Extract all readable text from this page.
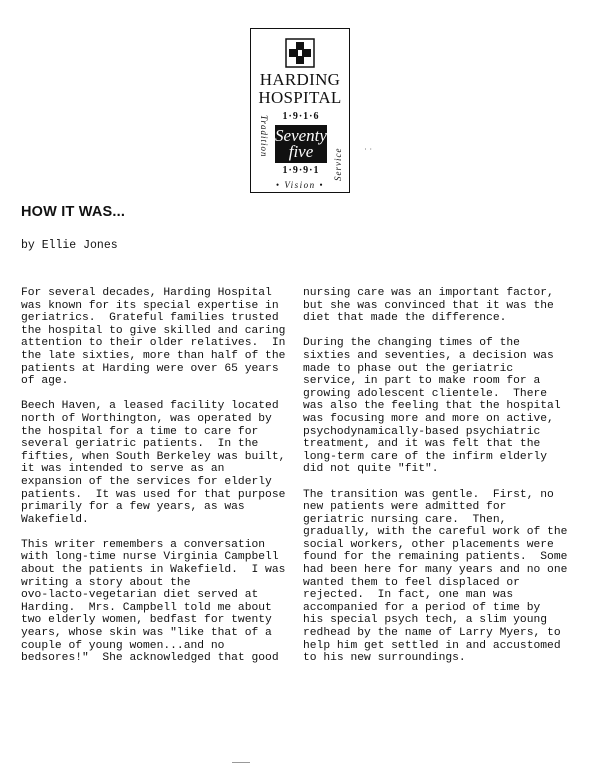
HARDING
HOSPITAL
1·9·1·6
Seventy five
1·9·9·1
Tradition
Service
• Vision •
˙ ˙
HOW IT WAS...

by Ellie Jones

For several decades, Harding Hospital
was known for its special expertise in
geriatrics.  Grateful families trusted
the hospital to give skilled and caring
attention to their older relatives.  In
the late sixties, more than half of the
patients at Harding were over 65 years
of age.

Beech Haven, a leased facility located
north of Worthington, was operated by
the hospital for a time to care for
several geriatric patients.  In the
fifties, when South Berkeley was built,
it was intended to serve as an
expansion of the services for elderly
patients.  It was used for that purpose
primarily for a few years, as was
Wakefield.

This writer remembers a conversation
with long-time nurse Virginia Campbell
about the patients in Wakefield.  I was
writing a story about the
ovo-lacto-vegetarian diet served at
Harding.  Mrs. Campbell told me about
two elderly women, bedfast for twenty
years, whose skin was "like that of a
couple of young women...and no
bedsores!"  She acknowledged that good

nursing care was an important factor,
but she was convinced that it was the
diet that made the difference.

During the changing times of the
sixties and seventies, a decision was
made to phase out the geriatric
service, in part to make room for a
growing adolescent clientele.  There
was also the feeling that the hospital
was focusing more and more on active,
psychodynamically-based psychiatric
treatment, and it was felt that the
long-term care of the infirm elderly
did not quite "fit".

The transition was gentle.  First, no
new patients were admitted for
geriatric nursing care.  Then,
gradually, with the careful work of the
social workers, other placements were
found for the remaining patients.  Some
had been here for many years and no one
wanted them to feel displaced or
rejected.  In fact, one man was
accompanied for a period of time by
his special psych tech, a slim young
redhead by the name of Larry Myers, to
help him get settled in and accustomed
to his new surroundings.
